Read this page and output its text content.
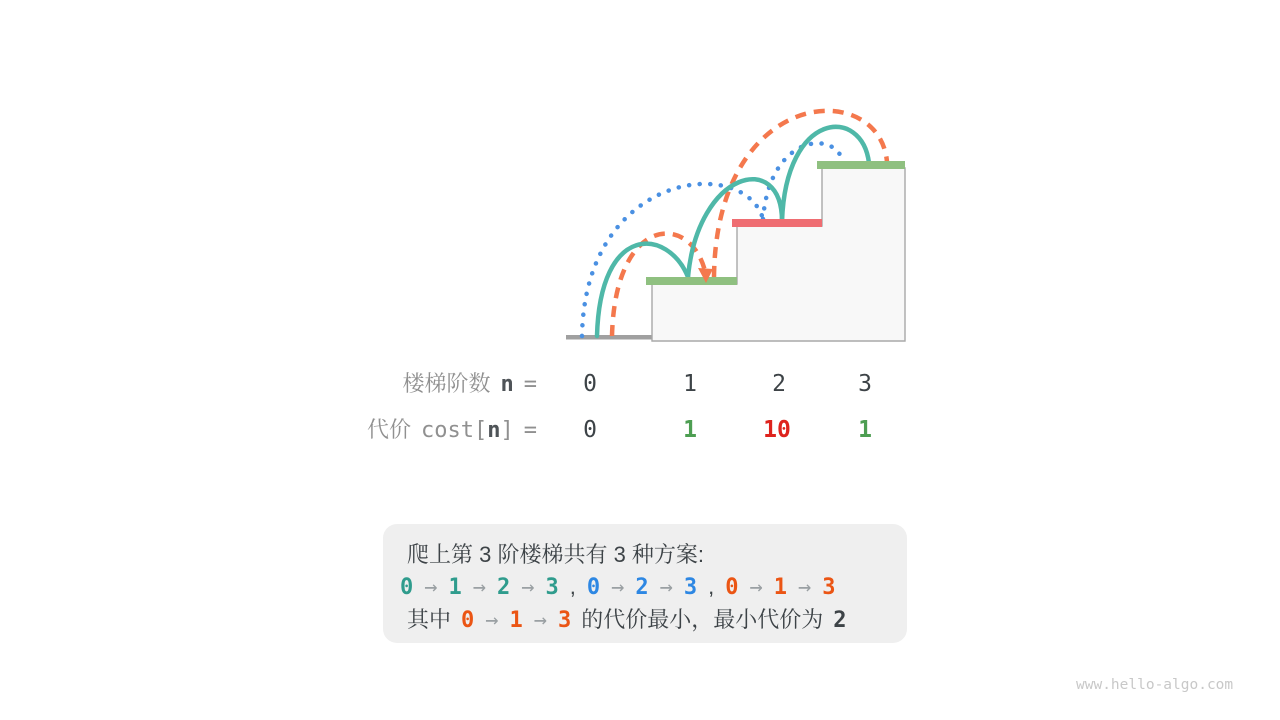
楼梯阶数 n = 0	1	2	3
代价 cost[n] = 0	1	10	1
爬上第 3 阶楼梯共有 3 种方案:
0 → 1 → 2 → 3 , 0 → 2 → 3 , 0 → 1 → 3
其中 0 → 1 → 3 的代价最小，最小代价为 2
www.hello-algo.com
